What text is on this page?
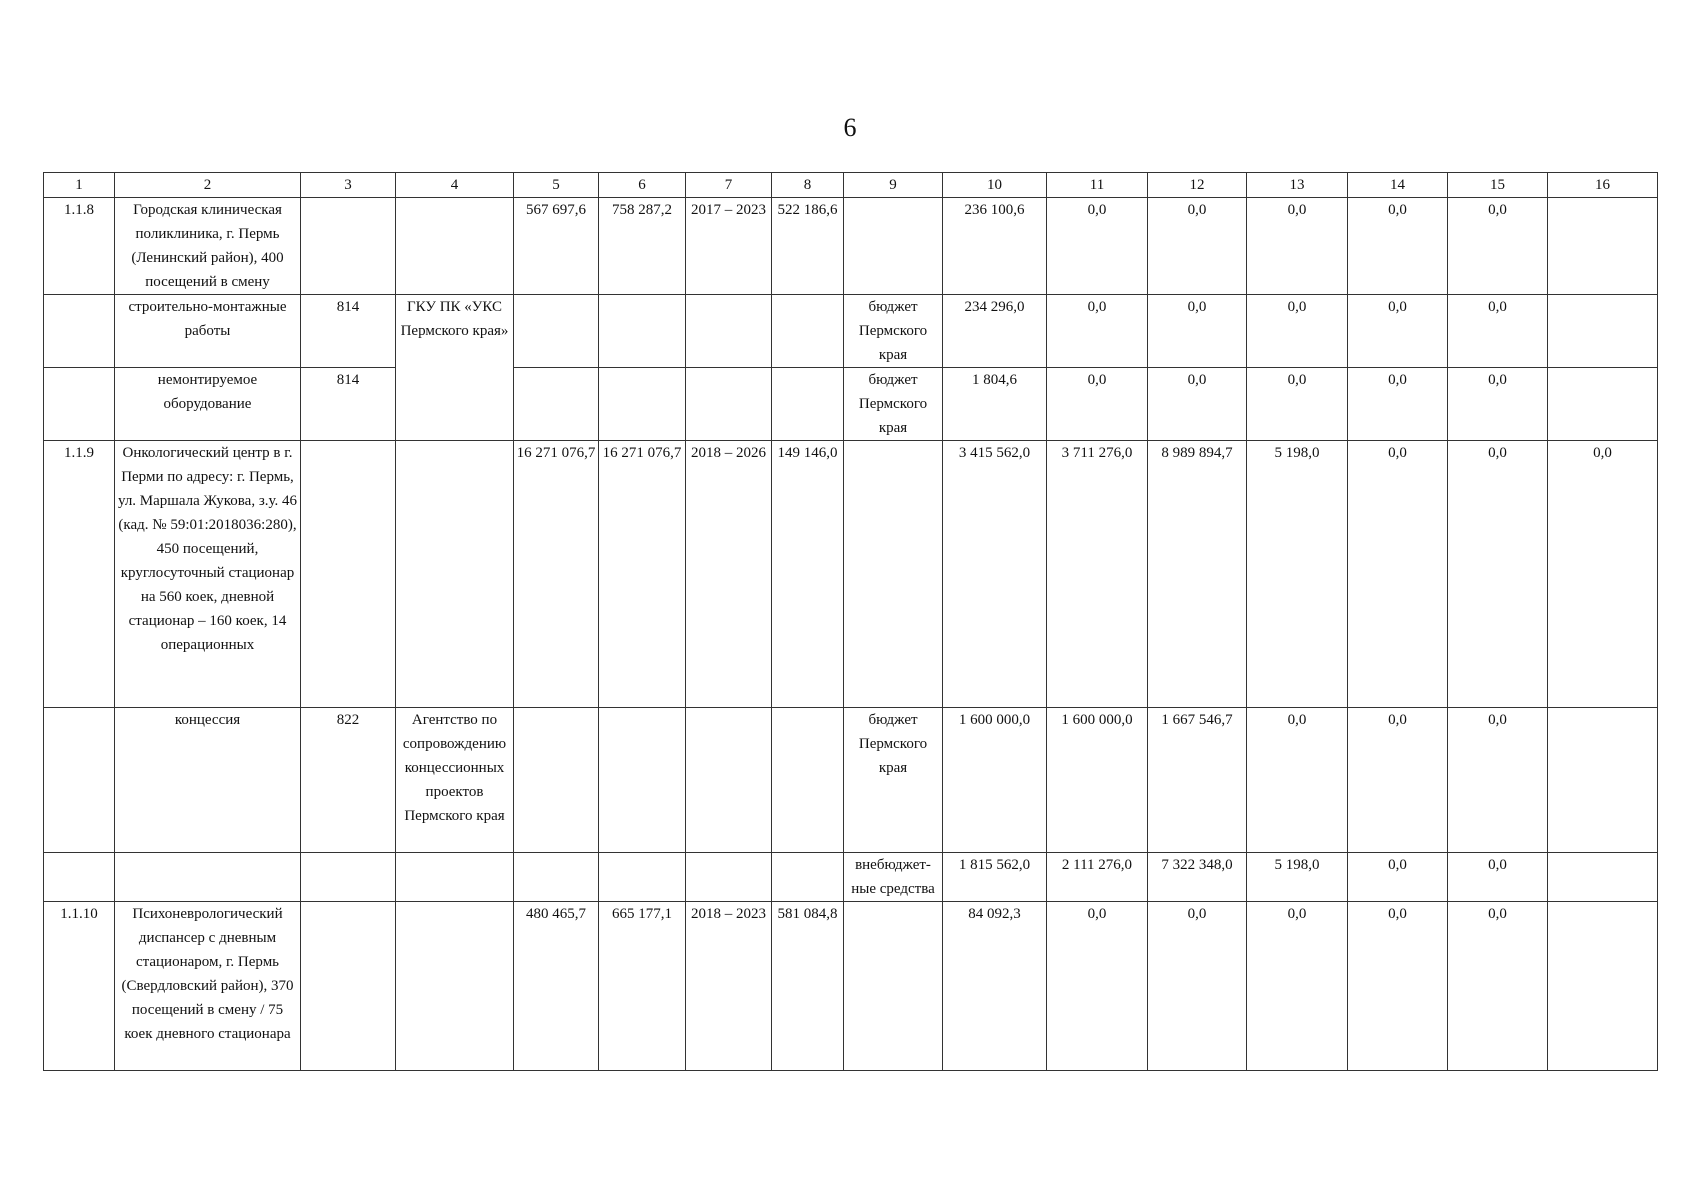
6
1	2	3	4	5	6	7	8	9	10	11	12	13	14	15	16
1.1.8	Городская клиническая поликлиника, г. Пермь (Ленинский район), 400 посещений в смену			567 697,6	758 287,2	2017 – 2023	522 186,6		236 100,6	0,0	0,0	0,0	0,0	0,0	
	строительно-монтажные работы	814	ГКУ ПК «УКС Пермского края»					бюджет Пермского края	234 296,0	0,0	0,0	0,0	0,0	0,0	
	немонтируемое оборудование	814						бюджет Пермского края	1 804,6	0,0	0,0	0,0	0,0	0,0	
1.1.9	Онкологический центр в г. Перми по адресу: г. Пермь, ул. Маршала Жукова, з.у. 46 (кад. № 59:01:2018036:280), 450 посещений, круглосуточный стационар на 560 коек, дневной стационар – 160 коек, 14 операционных			16 271 076,7	16 271 076,7	2018 – 2026	149 146,0		3 415 562,0	3 711 276,0	8 989 894,7	5 198,0	0,0	0,0	0,0
	концессия	822	Агентство по сопровождению концессионных проектов Пермского края					бюджет Пермского края	1 600 000,0	1 600 000,0	1 667 546,7	0,0	0,0	0,0	
								внебюджет-ные средства	1 815 562,0	2 111 276,0	7 322 348,0	5 198,0	0,0	0,0	
1.1.10	Психоневрологический диспансер с дневным стационаром, г. Пермь (Свердловский район), 370 посещений в смену / 75 коек дневного стационара			480 465,7	665 177,1	2018 – 2023	581 084,8		84 092,3	0,0	0,0	0,0	0,0	0,0	
